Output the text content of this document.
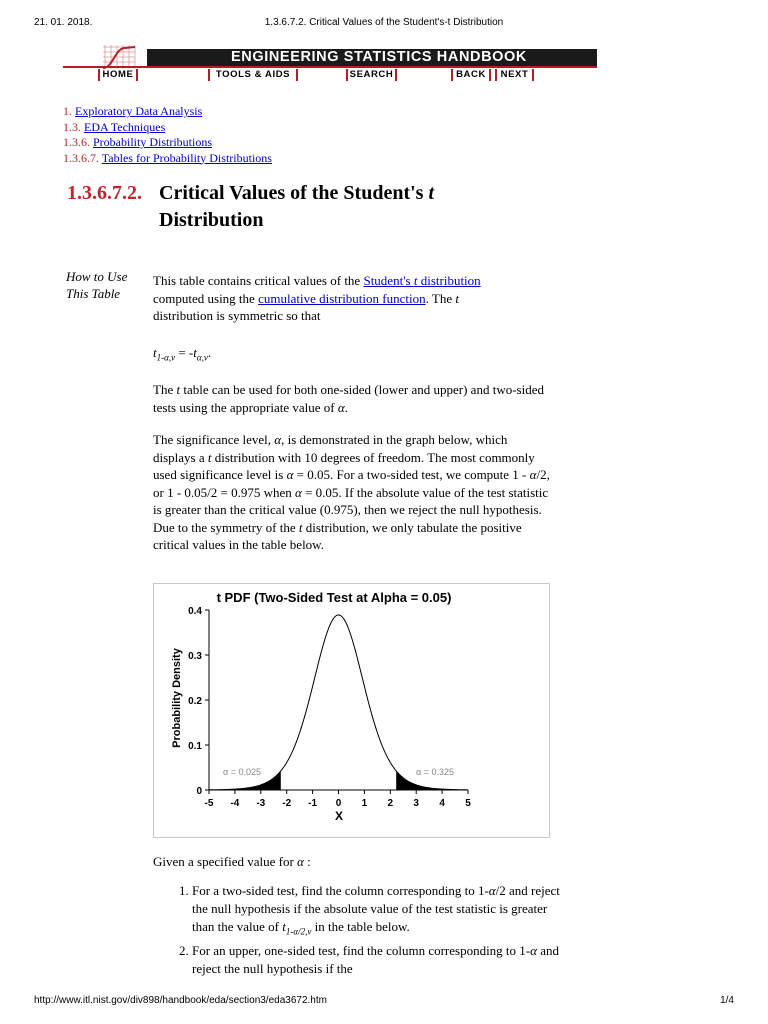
21. 01. 2018.	1.3.6.7.2. Critical Values of the Student's-t Distribution
ENGINEERING STATISTICS HANDBOOK
HOME	TOOLS & AIDS	SEARCH	BACK	NEXT
1. Exploratory Data Analysis
1.3. EDA Techniques
1.3.6. Probability Distributions
1.3.6.7. Tables for Probability Distributions
1.3.6.7.2. Critical Values of the Student's t
Distribution
How to Use This Table

This table contains critical values of the Student's t distribution
computed using the cumulative distribution function. The t
distribution is symmetric so that

$t_{1-\alpha,\nu} = -t_{\alpha,\nu}$.

The t table can be used for both one-sided (lower and upper) and two-sided tests using the appropriate value of α.

The significance level, α, is demonstrated in the graph below, which displays a t distribution with 10 degrees of freedom. The most commonly used significance level is α = 0.05. For a two-sided test, we compute 1 - α/2, or 1 - 0.05/2 = 0.975 when α = 0.05. If the absolute value of the test statistic is greater than the critical value (0.975), then we reject the null hypothesis. Due to the symmetry of the t distribution, we only tabulate the positive critical values in the table below.

t PDF (Two-Sided Test at Alpha = 0.05)
Probability Density
X
-5 -4 -3 -2 -1 0 1 2 3 4 5
0
0.1
0.2
0.3
0.4
α = 0.025	α = 0.325

Given a specified value for α :

1. For a two-sided test, find the column corresponding to 1-α/2 and reject the null hypothesis if the absolute value of the test statistic is greater than the value of $t_{1-\alpha/2,\nu}$ in the table below.
2. For an upper, one-sided test, find the column corresponding to 1-α and reject the null hypothesis if the
http://www.itl.nist.gov/div898/handbook/eda/section3/eda3672.htm	1/4
